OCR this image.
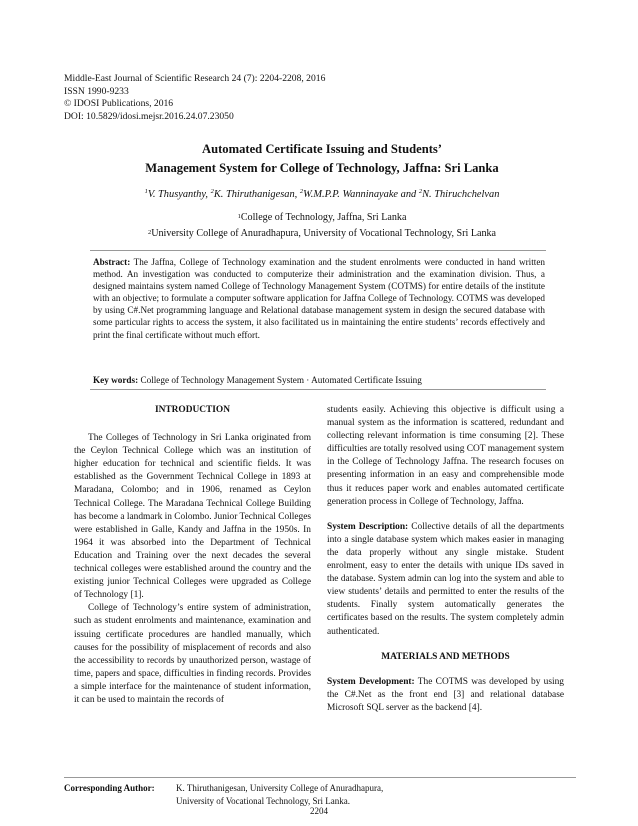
Middle-East Journal of Scientific Research 24 (7): 2204-2208, 2016
ISSN 1990-9233
© IDOSI Publications, 2016
DOI: 10.5829/idosi.mejsr.2016.24.07.23050
Automated Certificate Issuing and Students’
Management System for College of Technology, Jaffna: Sri Lanka
$^1$V. Thusyanthy, $^2$K. Thiruthanigesan, $^2$W.M.P.P. Wanninayake and $^2$N. Thiruchchelvan
$^1$College of Technology, Jaffna, Sri Lanka
$^2$University College of Anuradhapura, University of Vocational Technology, Sri Lanka
Abstract: The Jaffna, College of Technology examination and the student enrolments were conducted in hand written method. An investigation was conducted to computerize their administration and the examination division. Thus, a designed maintains system named College of Technology Management System (COTMS) for entire details of the institute with an objective; to formulate a computer software application for Jaffna College of Technology. COTMS was developed by using C#.Net programming language and Relational database management system in design the secured database with some particular rights to access the system, it also facilitated us in maintaining the entire students’ records effectively and print the final certificate without much effort.
Key words: College of Technology Management System · Automated Certificate Issuing
INTRODUCTION

The Colleges of Technology in Sri Lanka originated from the Ceylon Technical College which was an institution of higher education for technical and scientific fields. It was established as the Government Technical College in 1893 at Maradana, Colombo; and in 1906, renamed as Ceylon Technical College. The Maradana Technical College Building has become a landmark in Colombo. Junior Technical Colleges were established in Galle, Kandy and Jaffna in the 1950s. In 1964 it was absorbed into the Department of Technical Education and Training over the next decades the several technical colleges were established around the country and the existing junior Technical Colleges were upgraded as College of Technology [1].

College of Technology’s entire system of administration, such as student enrolments and maintenance, examination and issuing certificate procedures are handled manually, which causes for the possibility of misplacement of records and also the accessibility to records by unauthorized person, wastage of time, papers and space, difficulties in finding records. Provides a simple interface for the maintenance of student information, it can be used to maintain the records of

students easily. Achieving this objective is difficult using a manual system as the information is scattered, redundant and collecting relevant information is time consuming [2]. These difficulties are totally resolved using COT management system in the College of Technology Jaffna. The research focuses on presenting information in an easy and comprehensible mode thus it reduces paper work and enables automated certificate generation process in College of Technology, Jaffna.

System Description: Collective details of all the departments into a single database system which makes easier in managing the data properly without any single mistake. Student enrolment, easy to enter the details with unique IDs saved in the database. System admin can log into the system and able to view students’ details and permitted to enter the results of the students. Finally system automatically generates the certificates based on the results. The system completely admin authenticated.

MATERIALS AND METHODS

System Development: The COTMS was developed by using the C#.Net as the front end [3] and relational database Microsoft SQL server as the backend [4].

Corresponding Author: K. Thiruthanigesan, University College of Anuradhapura,
University of Vocational Technology, Sri Lanka.
2204
